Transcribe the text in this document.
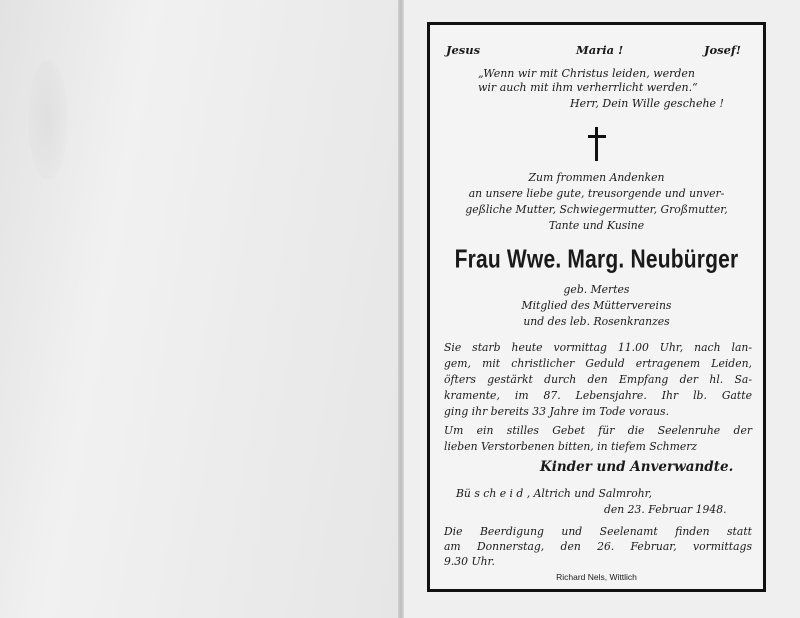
Jesus	Maria !	Josef!
„Wenn wir mit Christus leiden, werden
wir auch mit ihm verherrlicht werden.“
Herr, Dein Wille geschehe !
Zum frommen Andenken
an unsere liebe gute, treusorgende und unver-
geßliche Mutter, Schwiegermutter, Großmutter,
Tante und Kusine
Frau Wwe. Marg. Neubürger
geb. Mertes
Mitglied des Müttervereins
und des leb. Rosenkranzes
Sie starb heute vormittag 11.00 Uhr, nach lan-
gem, mit christlicher Geduld ertragenem Leiden,
öfters gestärkt durch den Empfang der hl. Sa-
kramente, im 87. Lebensjahre. Ihr lb. Gatte
ging ihr bereits 33 Jahre im Tode voraus.
Um ein stilles Gebet für die Seelenruhe der
lieben Verstorbenen bitten, in tiefem Schmerz
Kinder und Anverwandte.
Bü s ch e i d , Altrich und Salmrohr,
den 23. Februar 1948.
Die Beerdigung und Seelenamt finden statt
am Donnerstag, den 26. Februar, vormittags
9.30 Uhr.
Richard Nels, Wittlich
